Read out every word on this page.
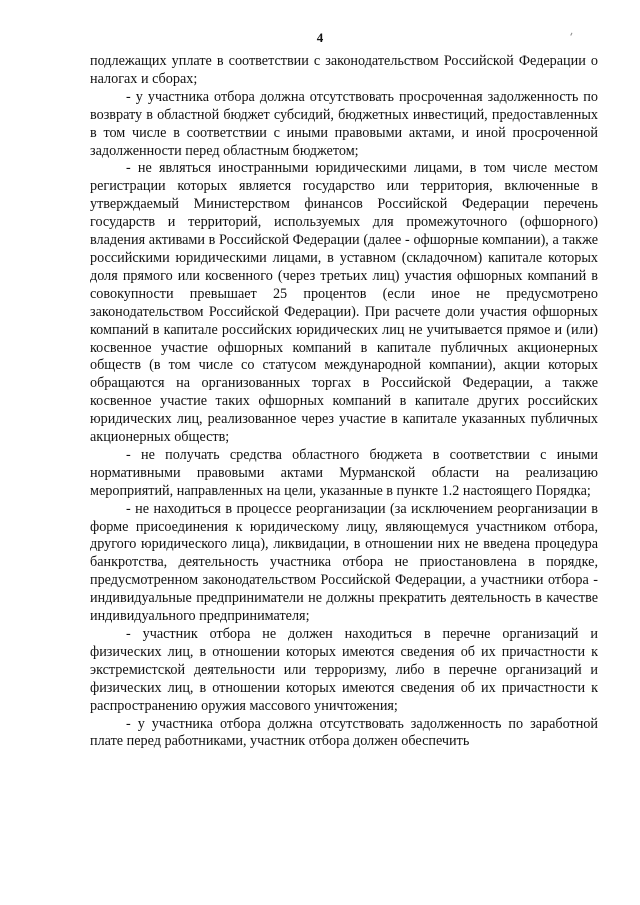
4

подлежащих уплате в соответствии с законодательством Российской Федерации о налогах и сборах;

- у участника отбора должна отсутствовать просроченная задолженность по возврату в областной бюджет субсидий, бюджетных инвестиций, предоставленных в том числе в соответствии с иными правовыми актами, и иной просроченной задолженности перед областным бюджетом;

- не являться иностранными юридическими лицами, в том числе местом регистрации которых является государство или территория, включенные в утверждаемый Министерством финансов Российской Федерации перечень государств и территорий, используемых для промежуточного (офшорного) владения активами в Российской Федерации (далее - офшорные компании), а также российскими юридическими лицами, в уставном (складочном) капитале которых доля прямого или косвенного (через третьих лиц) участия офшорных компаний в совокупности превышает 25 процентов (если иное не предусмотрено законодательством Российской Федерации). При расчете доли участия офшорных компаний в капитале российских юридических лиц не учитывается прямое и (или) косвенное участие офшорных компаний в капитале публичных акционерных обществ (в том числе со статусом международной компании), акции которых обращаются на организованных торгах в Российской Федерации, а также косвенное участие таких офшорных компаний в капитале других российских юридических лиц, реализованное через участие в капитале указанных публичных акционерных обществ;

- не получать средства областного бюджета в соответствии с иными нормативными правовыми актами Мурманской области на реализацию мероприятий, направленных на цели, указанные в пункте 1.2 настоящего Порядка;

- не находиться в процессе реорганизации (за исключением реорганизации в форме присоединения к юридическому лицу, являющемуся участником отбора, другого юридического лица), ликвидации, в отношении них не введена процедура банкротства, деятельность участника отбора не приостановлена в порядке, предусмотренном законодательством Российской Федерации, а участники отбора - индивидуальные предприниматели не должны прекратить деятельность в качестве индивидуального предпринимателя;

- участник отбора не должен находиться в перечне организаций и физических лиц, в отношении которых имеются сведения об их причастности к экстремистской деятельности или терроризму, либо в перечне организаций и физических лиц, в отношении которых имеются сведения об их причастности к распространению оружия массового уничтожения;

- у участника отбора должна отсутствовать задолженность по заработной плате перед работниками, участник отбора должен обеспечить
